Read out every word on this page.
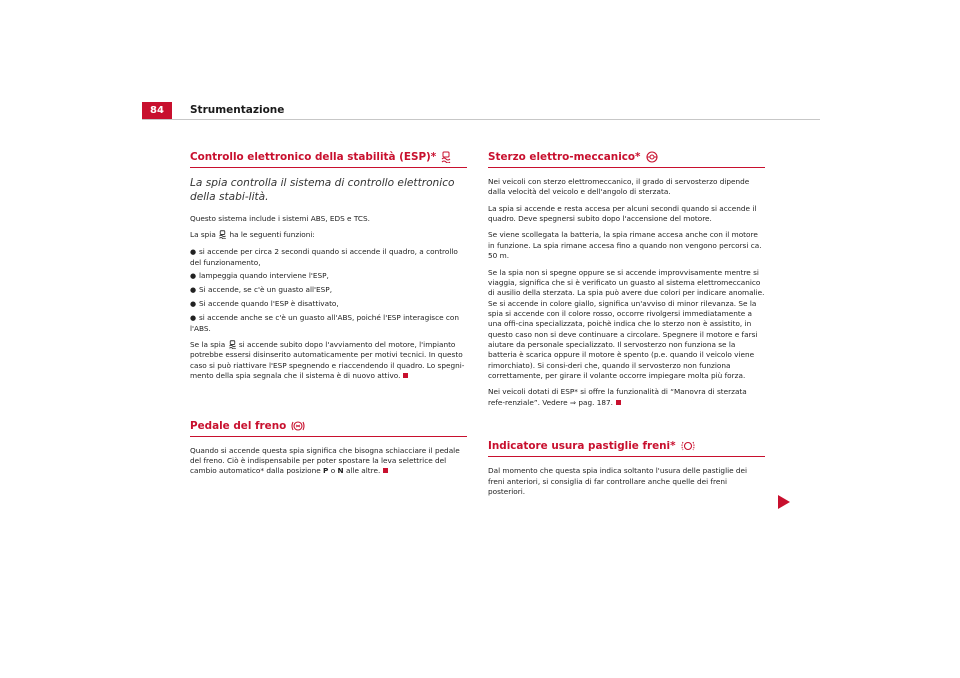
84	Strumentazione
Controllo elettronico della stabilità (ESP)*
La spia controlla il sistema di controllo elettronico della stabi-lità.

Questo sistema include i sistemi ABS, EDS e TCS.

La spia ha le seguenti funzioni:

● si accende per circa 2 secondi quando si accende il quadro, a controllo del funzionamento,
● lampeggia quando interviene l'ESP,
● Si accende, se c'è un guasto all'ESP,
● Si accende quando l'ESP è disattivato,
● si accende anche se c'è un guasto all'ABS, poiché l'ESP interagisce con l'ABS.

Se la spia si accende subito dopo l'avviamento del motore, l'impianto potrebbe essersi disinserito automaticamente per motivi tecnici. In questo caso si può riattivare l'ESP spegnendo e riaccendendo il quadro. Lo spegni-mento della spia segnala che il sistema è di nuovo attivo.

Pedale del freno

Quando si accende questa spia significa che bisogna schiacciare il pedale del freno. Ciò è indispensabile per poter spostare la leva selettrice del cambio automatico* dalla posizione P o N alle altre.

Sterzo elettro-meccanico*

Nei veicoli con sterzo elettromeccanico, il grado di servosterzo dipende dalla velocità del veicolo e dell'angolo di sterzata.

La spia si accende e resta accesa per alcuni secondi quando si accende il quadro. Deve spegnersi subito dopo l'accensione del motore.

Se viene scollegata la batteria, la spia rimane accesa anche con il motore in funzione. La spia rimane accesa fino a quando non vengono percorsi ca. 50 m.

Se la spia non si spegne oppure se si accende improvvisamente mentre si viaggia, significa che si è verificato un guasto al sistema elettromeccanico di ausilio della sterzata. La spia può avere due colori per indicare anomalie. Se si accende in colore giallo, significa un'avviso di minor rilevanza. Se la spia si accende con il colore rosso, occorre rivolgersi immediatamente a una offi-cina specializzata, poichè indica che lo sterzo non è assistito, in questo caso non si deve continuare a circolare. Spegnere il motore e farsi aiutare da personale specializzato. Il servosterzo non funziona se la batteria è scarica oppure il motore è spento (p.e. quando il veicolo viene rimorchiato). Si consi-deri che, quando il servosterzo non funziona correttamente, per girare il volante occorre impiegare molta più forza.

Nei veicoli dotati di ESP* si offre la funzionalità di “Manovra di sterzata refe-renziale”. Vedere ⇒ pag. 187.

Indicatore usura pastiglie freni*

Dal momento che questa spia indica soltanto l'usura delle pastiglie dei freni anteriori, si consiglia di far controllare anche quelle dei freni posteriori.
